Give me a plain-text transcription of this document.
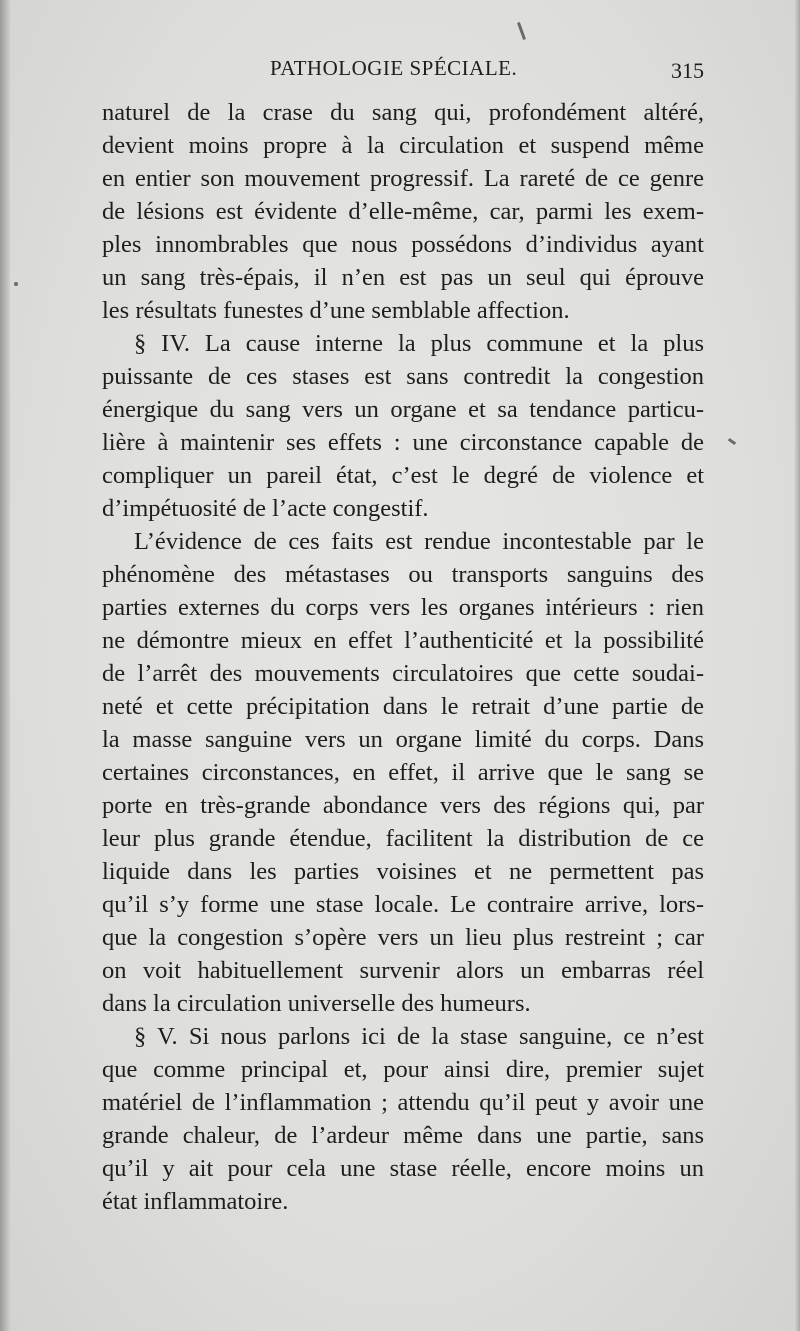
PATHOLOGIE SPÉCIALE.	315
naturel de la crase du sang qui, profondément altéré,
devient moins propre à la circulation et suspend même
en entier son mouvement progressif. La rareté de ce genre
de lésions est évidente d’elle-même, car, parmi les exem-
ples innombrables que nous possédons d’individus ayant
un sang très-épais, il n’en est pas un seul qui éprouve
les résultats funestes d’une semblable affection.
§ IV. La cause interne la plus commune et la plus
puissante de ces stases est sans contredit la congestion
énergique du sang vers un organe et sa tendance particu-
lière à maintenir ses effets : une circonstance capable de
compliquer un pareil état, c’est le degré de violence et
d’impétuosité de l’acte congestif.
L’évidence de ces faits est rendue incontestable par le
phénomène des métastases ou transports sanguins des
parties externes du corps vers les organes intérieurs : rien
ne démontre mieux en effet l’authenticité et la possibilité
de l’arrêt des mouvements circulatoires que cette soudai-
neté et cette précipitation dans le retrait d’une partie de
la masse sanguine vers un organe limité du corps. Dans
certaines circonstances, en effet, il arrive que le sang se
porte en très-grande abondance vers des régions qui, par
leur plus grande étendue, facilitent la distribution de ce
liquide dans les parties voisines et ne permettent pas
qu’il s’y forme une stase locale. Le contraire arrive, lors-
que la congestion s’opère vers un lieu plus restreint ; car
on voit habituellement survenir alors un embarras réel
dans la circulation universelle des humeurs.
§ V. Si nous parlons ici de la stase sanguine, ce n’est
que comme principal et, pour ainsi dire, premier sujet
matériel de l’inflammation ; attendu qu’il peut y avoir une
grande chaleur, de l’ardeur même dans une partie, sans
qu’il y ait pour cela une stase réelle, encore moins un
état inflammatoire.
